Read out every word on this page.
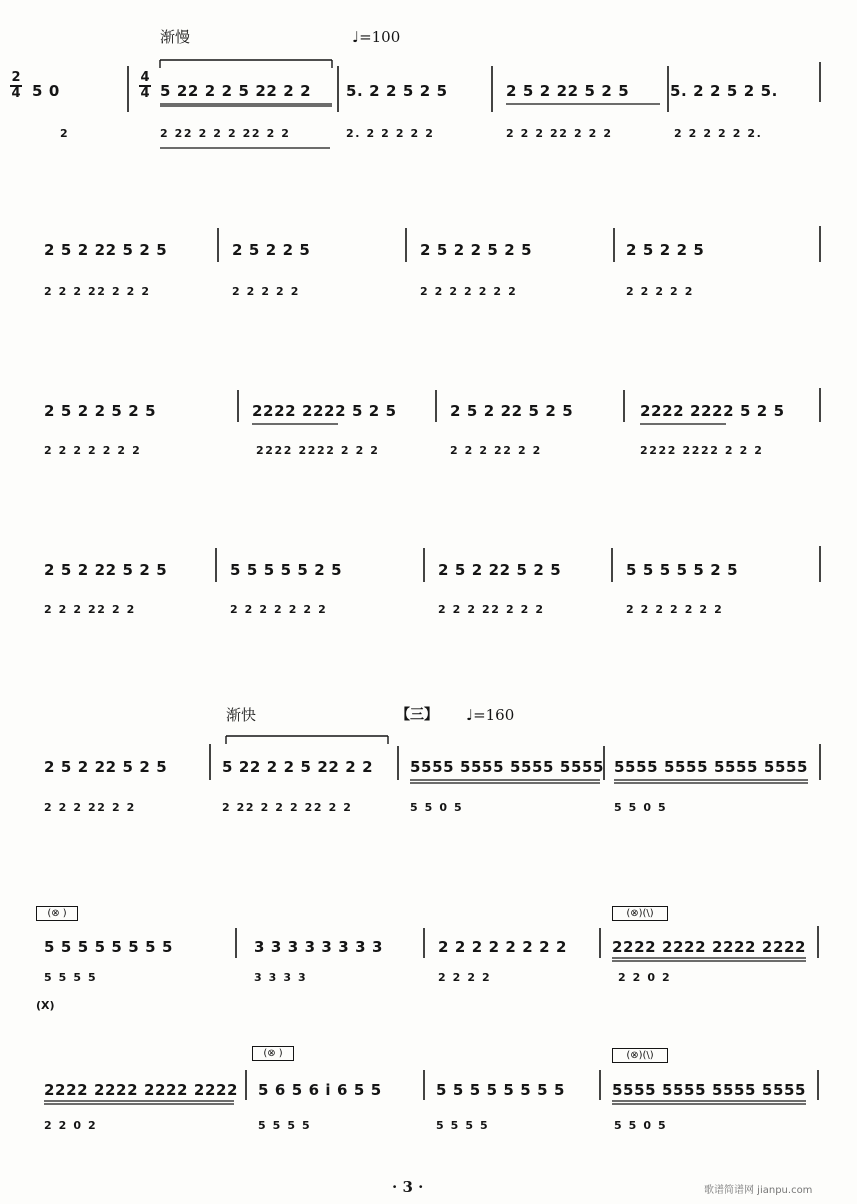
渐慢	♩=100
2
4
4
4
5 0
2
5 22 2 2 5 22 2 2
2 22 2 2 2 22 2 2
5. 2 2 5 2 5
2. 2 2 2 2 2
2 5 2 22 5 2 5
2 2 2 22 2 2 2
5. 2 2 5 2 5.
2 2 2 2 2 2.
2 5 2 22 5 2 5
2 2 2 22 2 2 2
2 5 2 2 5
2 2 2 2 2
2 5 2 2 5 2 5
2 2 2 2 2 2 2
2 5 2 2 5
2 2 2 2 2
2 5 2 2 5 2 5
2 2 2 2 2 2 2
2222 2222 5 2 5
2222 2222 2 2 2
2 5 2 22 5 2 5
2 2 2 22 2 2
2222 2222 5 2 5
2222 2222 2 2 2
2 5 2 22 5 2 5
2 2 2 22 2 2
5 5 5 5 5 2 5
2 2 2 2 2 2 2
2 5 2 22 5 2 5
2 2 2 22 2 2 2
5 5 5 5 5 2 5
2 2 2 2 2 2 2
渐快	【三】 ♩=160
2 5 2 22 5 2 5
2 2 2 22 2 2
5 22 2 2 5 22 2 2
2 22 2 2 2 22 2 2
5555 5555 5555 5555
5 5 0 5
5555 5555 5555 5555
5 5 0 5
(⊗ )	(⊗)(\)
5 5 5 5 5 5 5 5
5 5 5 5
(X)
3 3 3 3 3 3 3 3
3 3 3 3
2 2 2 2 2 2 2 2
2 2 2 2
2222 2222 2222 2222
2 2 0 2
(⊗ )	(⊗)(\)
2222 2222 2222 2222
2 2 0 2
5 6 5 6 i 6 5 5
5 5 5 5
5 5 5 5 5 5 5 5
5 5 5 5
5555 5555 5555 5555
5 5 0 5
· 3 ·	歌谱简谱网 jianpu.com
